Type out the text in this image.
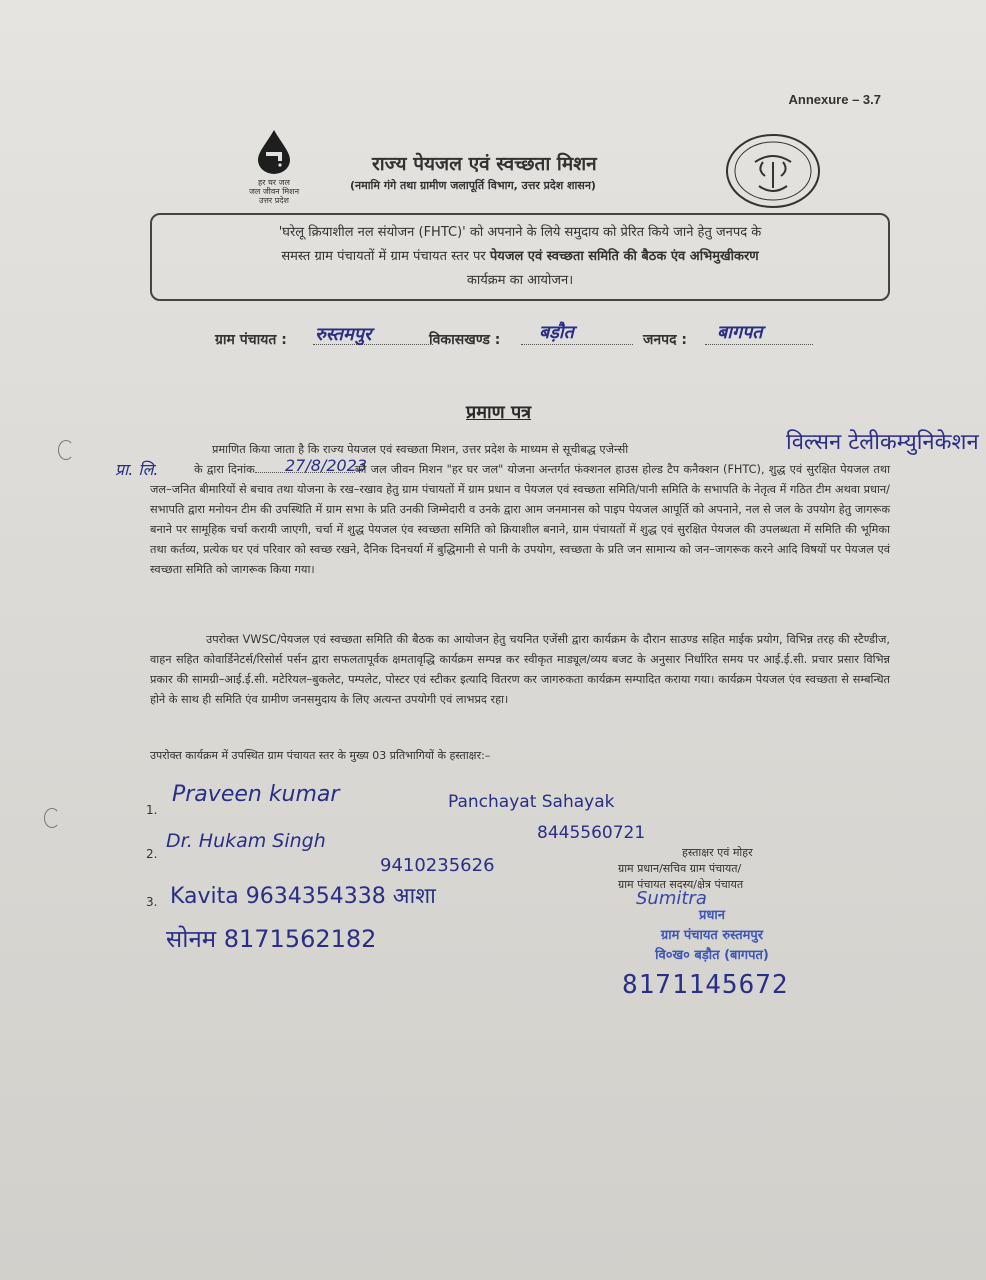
Annexure – 3.7
हर घर जल
जल जीवन मिशन
उत्तर प्रदेश
राज्य पेयजल एवं स्वच्छता मिशन
(नमामि गंगे तथा ग्रामीण जलापूर्ति विभाग, उत्तर प्रदेश शासन)
'घरेलू क्रियाशील नल संयोजन (FHTC)' को अपनाने के लिये समुदाय को प्रेरित किये जाने हेतु जनपद के
समस्त ग्राम पंचायतों में ग्राम पंचायत स्तर पर पेयजल एवं स्वच्छता समिति की बैठक एंव अभिमुखीकरण
कार्यक्रम का आयोजन।
ग्राम पंचायत : रुस्तमपुर	विकासखण्ड : बड़ौत	जनपद : बागपत
प्रमाण पत्र
विल्सन टेलीकम्युनिकेशन
प्रा. लि.	27/8/2023
प्रमाणित किया जाता है कि राज्य पेयजल एवं स्वच्छता मिशन, उत्तर प्रदेश के माध्यम से सूचीबद्ध एजेन्सी
के द्वारा दिनांक	को जल जीवन मिशन "हर घर जल" योजना अन्तर्गत फंक्शनल हाउस होल्ड टैप कनैक्शन (FHTC), शुद्ध एवं सुरक्षित पेयजल तथा जल–जनित बीमारियों से बचाव तथा योजना के रख–रखाव हेतु ग्राम पंचायतों में ग्राम प्रधान व पेयजल एवं स्वच्छता समिति/पानी समिति के सभापति के नेतृत्व में गठित टीम अथवा प्रधान/सभापति द्वारा मनोयन टीम की उपस्थिति में ग्राम सभा के प्रति उनकी जिम्मेदारी व उनके द्वारा आम जनमानस को पाइप पेयजल आपूर्ति को अपनाने, नल से जल के उपयोग हेतु जागरूक बनाने पर सामूहिक चर्चा करायी जाएगी, चर्चा में शुद्ध पेयजल एंव स्वच्छता समिति को क्रियाशील बनाने, ग्राम पंचायतों में शुद्ध एवं सुरक्षित पेयजल की उपलब्धता में समिति की भूमिका तथा कर्तव्य, प्रत्येक घर एवं परिवार को स्वच्छ रखने, दैनिक दिनचर्या में बुद्धिमानी से पानी के उपयोग, स्वच्छता के प्रति जन सामान्य को जन–जागरूक करने आदि विषयों पर पेयजल एवं स्वच्छता समिति को जागरूक किया गया।
उपरोक्त VWSC/पेयजल एवं स्वच्छता समिति की बैठक का आयोजन हेतु चयनित एजेंसी द्वारा कार्यक्रम के दौरान साउण्ड सहित माईक प्रयोग, विभिन्न तरह की स्टैण्डीज, वाहन सहित कोवार्डिनेटर्स/रिसोर्स पर्सन द्वारा सफलतापूर्वक क्षमतावृद्धि कार्यक्रम सम्पन्न कर स्वीकृत माड्यूल/व्यय बजट के अनुसार निर्धारित समय पर आई.ई.सी. प्रचार प्रसार विभिन्न प्रकार की सामग्री–आई.ई.सी. मटेरियल–बुकलेट, पम्पलेट, पोस्टर एवं स्टीकर इत्यादि वितरण कर जागरुकता कार्यक्रम सम्पादित कराया गया। कार्यक्रम पेयजल एंव स्वच्छता से सम्बन्धित होने के साथ ही समिति एंव ग्रामीण जनसमुदाय के लिए अत्यन्त उपयोगी एवं लाभप्रद रहा।
उपरोक्त कार्यक्रम में उपस्थित ग्राम पंचायत स्तर के मुख्य 03 प्रतिभागियों के हस्ताक्षर:–
1.
Praveen kumar	Panchayat Sahayak
8445560721
2.
Dr. Hukam Singh
9410235626
3. Kavita 9634354338 आशा
सोनम 8171562182
हस्ताक्षर एवं मोहर
ग्राम प्रधान/सचिव ग्राम पंचायत/
ग्राम पंचायत सदस्य/क्षेत्र पंचायत
Sumitra
प्रधान
ग्राम पंचायत रुस्तमपुर
वि०ख० बड़ौत (बागपत)
8171145672
